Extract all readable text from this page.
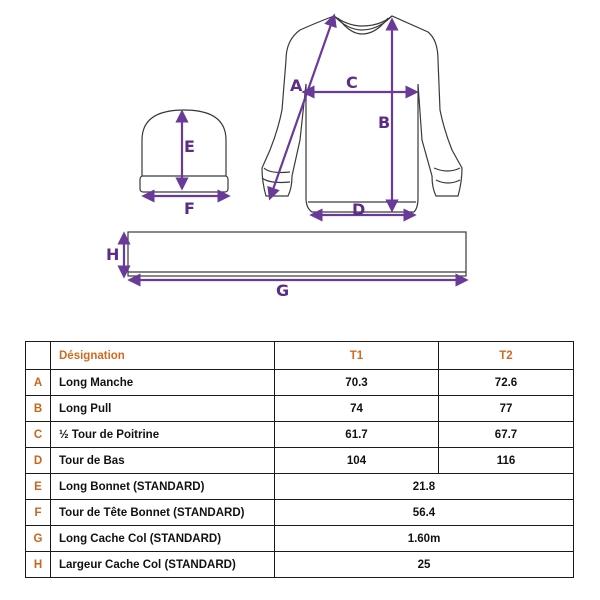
A	C
B
D
E
F
H
G
	Désignation	T1	T2
A	Long Manche	70.3	72.6
B	Long Pull	74	77
C	½ Tour de Poitrine	61.7	67.7
D	Tour de Bas	104	116
E	Long Bonnet (STANDARD)	21.8	
F	Tour de Tête Bonnet (STANDARD)	56.4	
G	Long Cache Col (STANDARD)	1.60m	
H	Largeur Cache Col (STANDARD)	25	
